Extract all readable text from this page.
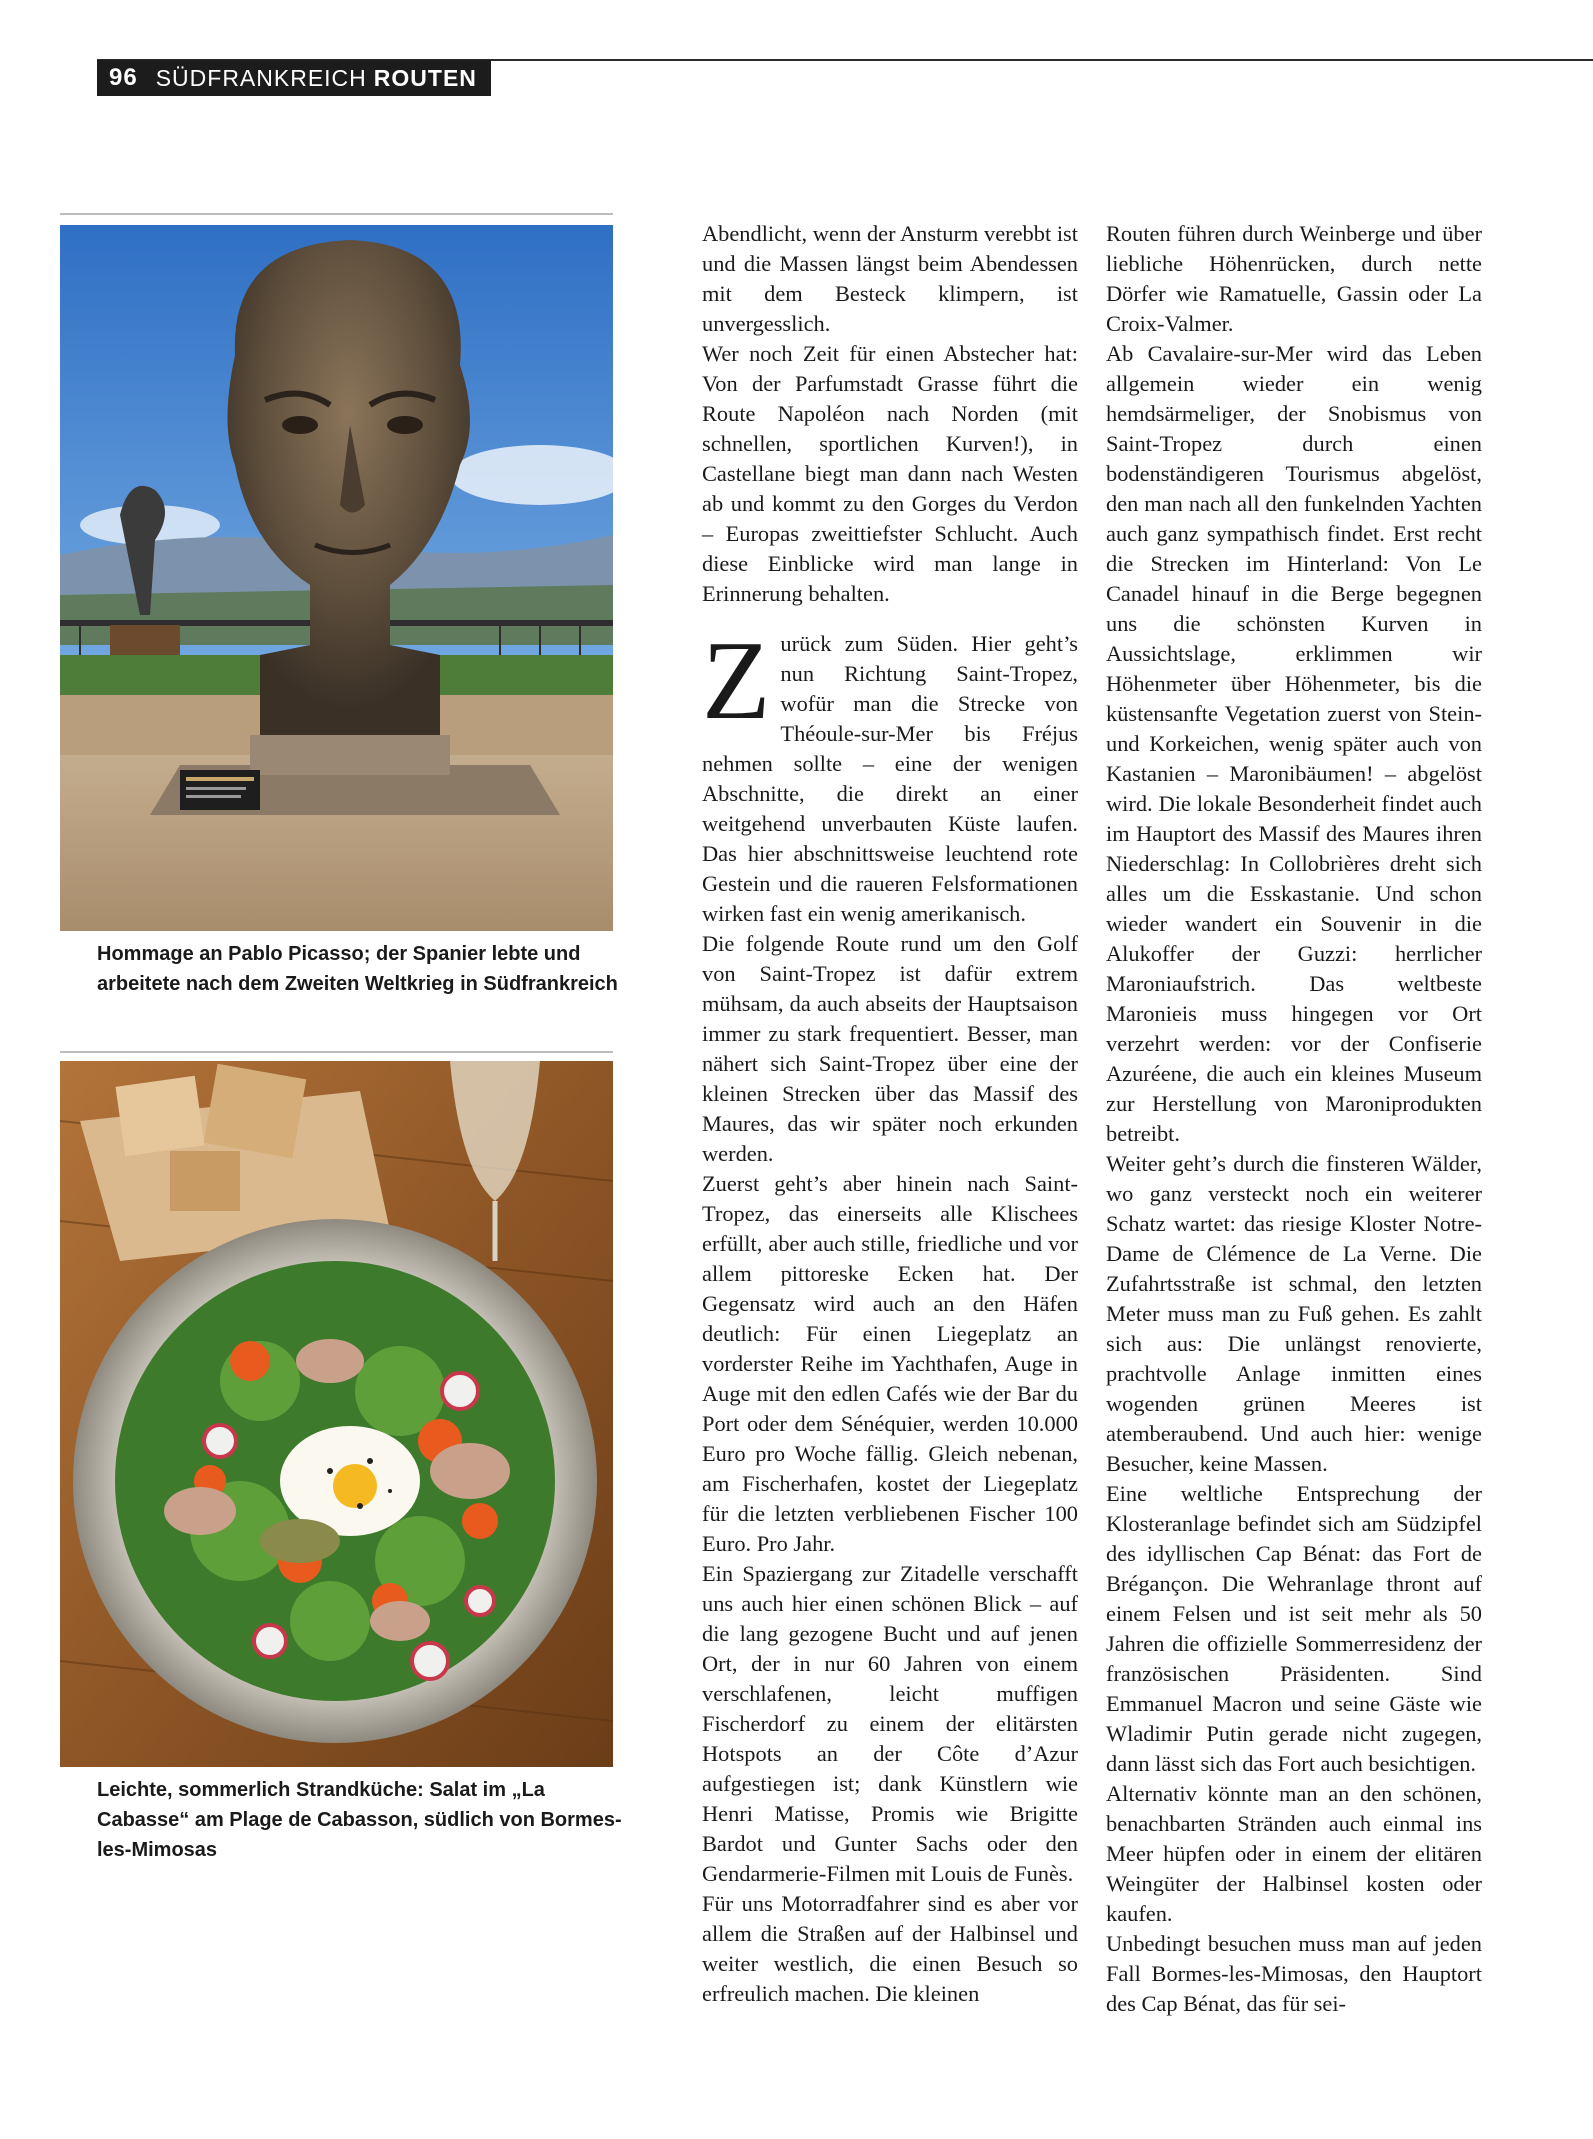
96 SÜDFRANKREICH ROUTEN
Hommage an Pablo Picasso; der Spanier lebte und arbeitete nach dem Zweiten Weltkrieg in Südfrankreich
Leichte, sommerlich Strandküche: Salat im „La Cabasse“ am Plage de Cabasson, südlich von Bormes-les-Mimosas

Abendlicht, wenn der Ansturm verebbt ist und die Massen längst beim Abendessen mit dem Besteck klimpern, ist unvergesslich.

Wer noch Zeit für einen Abstecher hat: Von der Parfumstadt Grasse führt die Route Napoléon nach Norden (mit schnellen, sportlichen Kurven!), in Castellane biegt man dann nach Westen ab und kommt zu den Gorges du Verdon – Europas zweittiefster Schlucht. Auch diese Einblicke wird man lange in Erinnerung behalten.

Zurück zum Süden. Hier geht’s nun Richtung Saint-Tropez, wofür man die Strecke von Théoule-sur-Mer bis Fréjus nehmen sollte – eine der wenigen Abschnitte, die direkt an einer weitgehend unverbauten Küste laufen. Das hier abschnittsweise leuchtend rote Gestein und die raueren Felsformationen wirken fast ein wenig amerikanisch.

Die folgende Route rund um den Golf von Saint-Tropez ist dafür extrem mühsam, da auch abseits der Hauptsaison immer zu stark frequentiert. Besser, man nähert sich Saint-Tropez über eine der kleinen Strecken über das Massif des Maures, das wir später noch erkunden werden.

Zuerst geht’s aber hinein nach Saint-Tropez, das einerseits alle Klischees erfüllt, aber auch stille, friedliche und vor allem pittoreske Ecken hat. Der Gegensatz wird auch an den Häfen deutlich: Für einen Liegeplatz an vorderster Reihe im Yachthafen, Auge in Auge mit den edlen Cafés wie der Bar du Port oder dem Sénéquier, werden 10.000 Euro pro Woche fällig. Gleich nebenan, am Fischerhafen, kostet der Liegeplatz für die letzten verbliebenen Fischer 100 Euro. Pro Jahr.

Ein Spaziergang zur Zitadelle verschafft uns auch hier einen schönen Blick – auf die lang gezogene Bucht und auf jenen Ort, der in nur 60 Jahren von einem verschlafenen, leicht muffigen Fischerdorf zu einem der elitärsten Hotspots an der Côte d’Azur aufgestiegen ist; dank Künstlern wie Henri Matisse, Promis wie Brigitte Bardot und Gunter Sachs oder den Gendarmerie-Filmen mit Louis de Funès.

Für uns Motorradfahrer sind es aber vor allem die Straßen auf der Halbinsel und weiter westlich, die einen Besuch so erfreulich machen. Die kleinen

Routen führen durch Weinberge und über liebliche Höhenrücken, durch nette Dörfer wie Ramatuelle, Gassin oder La Croix-Valmer.

Ab Cavalaire-sur-Mer wird das Leben allgemein wieder ein wenig hemdsärmeliger, der Snobismus von Saint-Tropez durch einen bodenständigeren Tourismus abgelöst, den man nach all den funkelnden Yachten auch ganz sympathisch findet. Erst recht die Strecken im Hinterland: Von Le Canadel hinauf in die Berge begegnen uns die schönsten Kurven in Aussichtslage, erklimmen wir Höhenmeter über Höhenmeter, bis die küstensanfte Vegetation zuerst von Stein- und Korkeichen, wenig später auch von Kastanien – Maronibäumen! – abgelöst wird. Die lokale Besonderheit findet auch im Hauptort des Massif des Maures ihren Niederschlag: In Collobrières dreht sich alles um die Esskastanie. Und schon wieder wandert ein Souvenir in die Alukoffer der Guzzi: herrlicher Maroniaufstrich. Das weltbeste Maronieis muss hingegen vor Ort verzehrt werden: vor der Confiserie Azuréene, die auch ein kleines Museum zur Herstellung von Maroniprodukten betreibt.

Weiter geht’s durch die finsteren Wälder, wo ganz versteckt noch ein weiterer Schatz wartet: das riesige Kloster Notre-Dame de Clémence de La Verne. Die Zufahrtsstraße ist schmal, den letzten Meter muss man zu Fuß gehen. Es zahlt sich aus: Die unlängst renovierte, prachtvolle Anlage inmitten eines wogenden grünen Meeres ist atemberaubend. Und auch hier: wenige Besucher, keine Massen.

Eine weltliche Entsprechung der Klosteranlage befindet sich am Südzipfel des idyllischen Cap Bénat: das Fort de Brégançon. Die Wehranlage thront auf einem Felsen und ist seit mehr als 50 Jahren die offizielle Sommerresidenz der französischen Präsidenten. Sind Emmanuel Macron und seine Gäste wie Wladimir Putin gerade nicht zugegen, dann lässt sich das Fort auch besichtigen.

Alternativ könnte man an den schönen, benachbarten Stränden auch einmal ins Meer hüpfen oder in einem der elitären Weingüter der Halbinsel kosten oder kaufen.

Unbedingt besuchen muss man auf jeden Fall Bormes-les-Mimosas, den Hauptort des Cap Bénat, das für sei-
